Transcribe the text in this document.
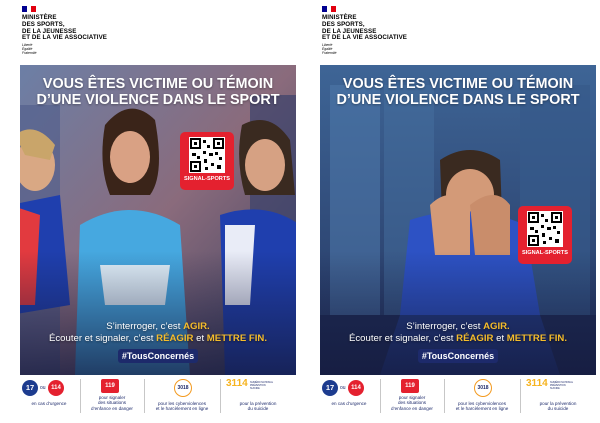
MINISTÈRE
DES SPORTS,
DE LA JEUNESSE
ET DE LA VIE ASSOCIATIVE
Liberté
Égalité
Fraternité
VOUS ÊTES VICTIME OU TÉMOIN
D’UNE VIOLENCE DANS LE SPORT
SIGNAL-SPORTS
S’interroger, c’est AGIR.
Écouter et signaler, c’est RÉAGIR et METTRE FIN.
#TousConcernés
17	ou 114
en cas d’urgence
119
pour signaler
des situations
d’enfance en danger
3018
pour les cyberviolences
et le harcèlement en ligne
3114 NUMÉRO NATIONAL
PRÉVENTION SUICIDE
pour la prévention
du suicide
MINISTÈRE
DES SPORTS,
DE LA JEUNESSE
ET DE LA VIE ASSOCIATIVE
Liberté
Égalité
Fraternité
VOUS ÊTES VICTIME OU TÉMOIN
D’UNE VIOLENCE DANS LE SPORT
SIGNAL-SPORTS
S’interroger, c’est AGIR.
Écouter et signaler, c’est RÉAGIR et METTRE FIN.
#TousConcernés
17	ou 114
en cas d’urgence
119
pour signaler
des situations
d’enfance en danger
3018
pour les cyberviolences
et le harcèlement en ligne
3114 NUMÉRO NATIONAL
PRÉVENTION SUICIDE
pour la prévention
du suicide
